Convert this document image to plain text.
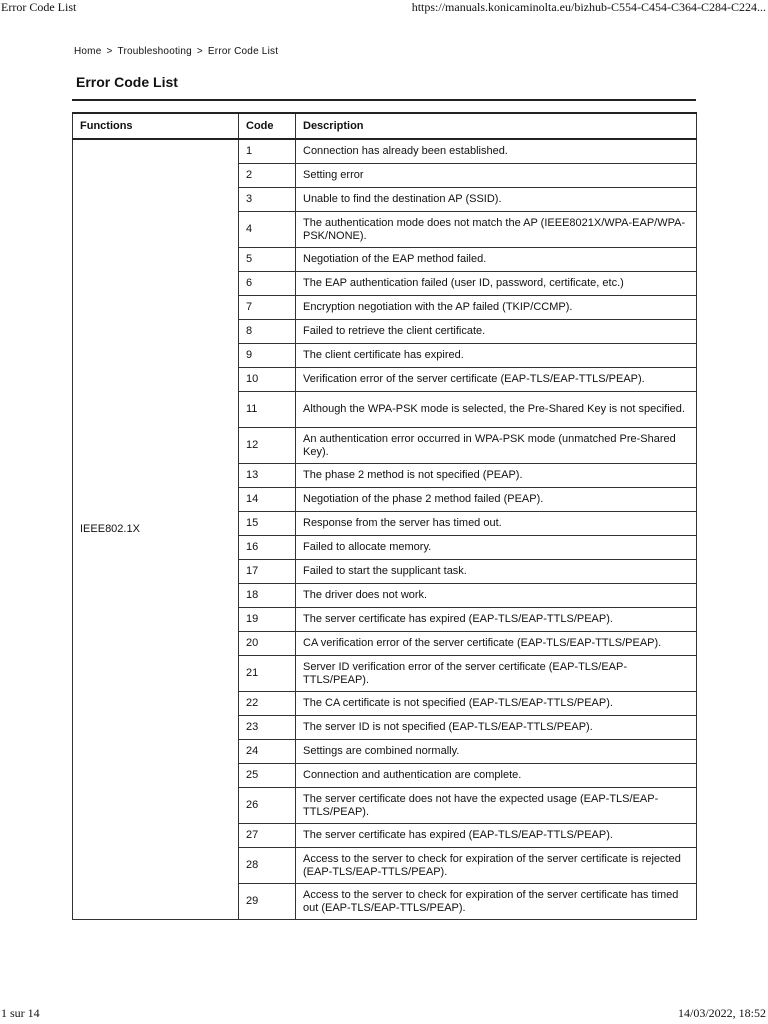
Error Code List	https://manuals.konicaminolta.eu/bizhub-C554-C454-C364-C284-C224...
Home > Troubleshooting > Error Code List
Error Code List
Functions	Code	Description
IEEE802.1X	1	Connection has already been established.
	2	Setting error
	3	Unable to find the destination AP (SSID).
	4	The authentication mode does not match the AP (IEEE8021X/WPA-EAP/WPA-PSK/NONE).
	5	Negotiation of the EAP method failed.
	6	The EAP authentication failed (user ID, password, certificate, etc.)
	7	Encryption negotiation with the AP failed (TKIP/CCMP).
	8	Failed to retrieve the client certificate.
	9	The client certificate has expired.
	10	Verification error of the server certificate (EAP-TLS/EAP-TTLS/PEAP).
	11	Although the WPA-PSK mode is selected, the Pre-Shared Key is not specified.
	12	An authentication error occurred in WPA-PSK mode (unmatched Pre-Shared Key).
	13	The phase 2 method is not specified (PEAP).
	14	Negotiation of the phase 2 method failed (PEAP).
	15	Response from the server has timed out.
	16	Failed to allocate memory.
	17	Failed to start the supplicant task.
	18	The driver does not work.
	19	The server certificate has expired (EAP-TLS/EAP-TTLS/PEAP).
	20	CA verification error of the server certificate (EAP-TLS/EAP-TTLS/PEAP).
	21	Server ID verification error of the server certificate (EAP-TLS/EAP-TTLS/PEAP).
	22	The CA certificate is not specified (EAP-TLS/EAP-TTLS/PEAP).
	23	The server ID is not specified (EAP-TLS/EAP-TTLS/PEAP).
	24	Settings are combined normally.
	25	Connection and authentication are complete.
	26	The server certificate does not have the expected usage (EAP-TLS/EAP-TTLS/PEAP).
	27	The server certificate has expired (EAP-TLS/EAP-TTLS/PEAP).
	28	Access to the server to check for expiration of the server certificate is rejected (EAP-TLS/EAP-TTLS/PEAP).
	29	Access to the server to check for expiration of the server certificate has timed out (EAP-TLS/EAP-TTLS/PEAP).
1 sur 14	14/03/2022, 18:52
